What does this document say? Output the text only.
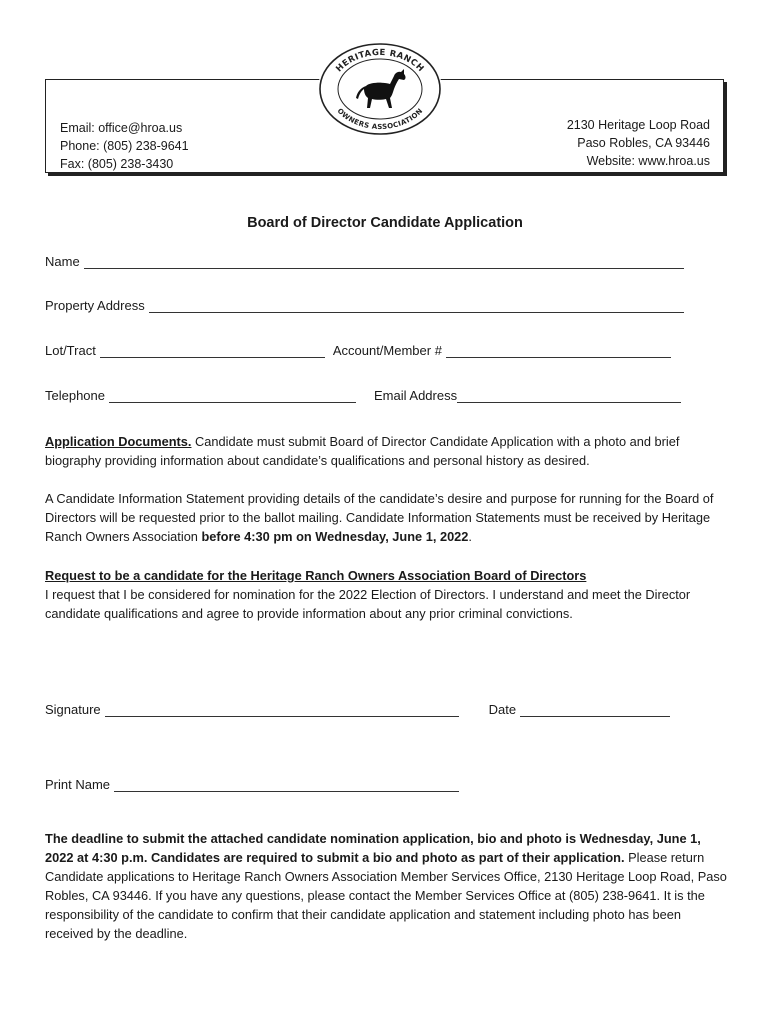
Email: office@hroa.us
Phone: (805) 238-9641
Fax: (805) 238-3430
2130 Heritage Loop Road
Paso Robles, CA 93446
Website: www.hroa.us
HERITAGE RANCH
OWNERS ASSOCIATION
Board of Director Candidate Application
Name
Property Address
Lot/Tract	Account/Member #
Telephone	Email Address
Application Documents. Candidate must submit Board of Director Candidate Application with a photo and brief biography providing information about candidate’s qualifications and personal history as desired.
A Candidate Information Statement providing details of the candidate’s desire and purpose for running for the Board of Directors will be requested prior to the ballot mailing. Candidate Information Statements must be received by Heritage Ranch Owners Association before 4:30 pm on Wednesday, June 1, 2022.
Request to be a candidate for the Heritage Ranch Owners Association Board of Directors
I request that I be considered for nomination for the 2022 Election of Directors. I understand and meet the Director candidate qualifications and agree to provide information about any prior criminal convictions.
Signature	Date
Print Name
The deadline to submit the attached candidate nomination application, bio and photo is Wednesday, June 1, 2022 at 4:30 p.m. Candidates are required to submit a bio and photo as part of their application. Please return Candidate applications to Heritage Ranch Owners Association Member Services Office, 2130 Heritage Loop Road, Paso Robles, CA 93446. If you have any questions, please contact the Member Services Office at (805) 238-9641. It is the responsibility of the candidate to confirm that their candidate application and statement including photo has been received by the deadline.
